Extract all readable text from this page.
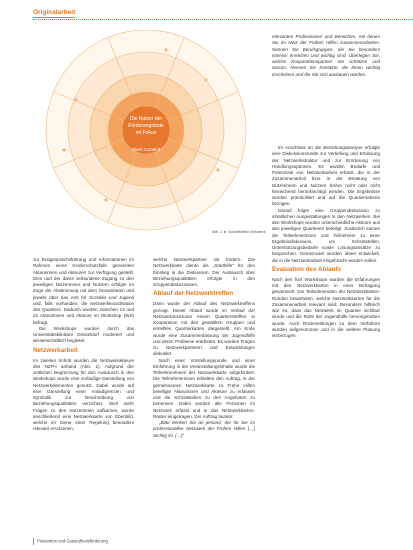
Originalarbeit
Die Nutzer der
Förderangebote
im Fokus
Stern Content
Abb. 1 ► Schnittstellen-Netzwerk

zur Erstgesprächsführung und Informationen im Rahmen eines Kinderschutzfalls genannten Akteurinnen und Akteuren zur Verfügung gestellt. Dies und der damit verbundene Zugang zu den jeweiligen Nutzerinnen und Nutzern erfolgte im Zuge der Abstimmung mit dem Gesamtteam und jeweils über das Amt für Soziales und Jugend und, falls vorhanden, die Netzwerkkoordination des Quartiers. Dadurch wurden zwischen 13 und 22 Akteurinnen und Akteure im Workshop (WS) befragt.

Die Workshops wurden durch das Universitätsklinikum Düsseldorf moderiert und wissenschaftlich begleitet.

Netzwerkarbeit

Im zweiten Schritt wurden die Netzwerkakteure des NZFH anhand (Abb. 1). Aufgrund der zeitlichen Begrenzung für den Austausch in den Workshops wurde eine vorläufige Darstellung von Netzwerkelementen genutzt. Dabei wurde auf eine Darstellung einer Anlaufgrenzen und Symbolik zur Beschreibung von Beziehungsqualitäten verzichtet. Weil mehr Fragen zu den Nutzerinnen aufkamen, wurde anschließend eine Netzwerkkarte von Ebenbild, welche im Sinne einer Regelung besonders relevant erschienen.

welche Netzwerkpartner sie fördern. Die Netzwerkkarte diente als „Starthilfe“ für den Einstieg in die Diskussion. Der Austausch über Beziehungsqualitäten erfolgte in den Gruppendiskussionen.

Ablauf der Netzwerktreffen

Dann wurde der Ablauf des Netzwerktreffens gezeigt. Dieser Ablauf wurde im Verlauf der Netzwerkstrukturen einem Quartierstreffen in Kooperation mit den gewählten Gruppen und erstellten Quartierkarten dargestellt. Am Ende wurde eine Zusammenfassung der Jugendhilfe und deren Probleme erarbeitet. Es wurden Fragen zu Netzwerkpartnern und Entwicklungen diskutiert.

Nach einer Vorstellungsrunde und einer Einführung in die Veranstaltungsinhalte wurde die Teilnehmerinnen der Netzwerkkarte aufgefordert. Die Teilnehmerinnen erhielten den Auftrag, in der gemeinsamen Netzwerkkarte zu Frühe Hilfen beteiligte Akteurinnen und Akteure zu erfassen und die Schnittstellen zu den Angeboten zu benennen. Dabei wurden alle Personen im Netzwerk erfasst und in das Netzwerkkarten-Raster eingetragen. Der Auftrag lautete:

„Bitte denken Sie an jemand, der für Sie im professionellen Netzwerk der Frühen Hilfen […] wichtig ist. […]“

relevanten Professionen und Bereichen, mit denen Sie im Netz der Frühen Hilfen zusammenarbeiten. Nennen Sie Berufsgruppen, die Sie besonders intensiv erreichen und wichtig sind. Überlegen Sie, welche Kooperationspartner Sie schätzen und warum. Nennen Sie Kontakte, die Ihnen wichtig erscheinen und die Sie sich ausbauen würden.

Im Anschluss an die Beziehungsanalyse erfolgte eine Diskussionsrunde zur Vertiefung und Erfassung der Netzwerkstruktur und zur Erörterung von Handlungsoptionen. Es wurden Bedarfe und Potenziale von Netzwerkarbeit erfasst, die in der Zusammenarbeit bzw. in der Beratung von Nutzerinnen und Nutzern bisher nicht oder nicht hinreichend berücksichtigt werden. Die Ergebnisse wurden protokolliert und auf die Quartiersebene bezogen.

Darauf folgte eine Gruppendiskussion zu inhaltlichen Ausgestaltungen in den Netzwerken. Bei den Workshops wurden unterschiedliche Akteure aus den jeweiligen Quartieren beteiligt. Zusätzlich kamen die Teilnehmerinnen und Teilnehmer zu einer Ergebnisdiskussion, um Schnittstellen, Unterstützungsbedarfe sowie Lösungsansätze zu besprechen. Gemeinsam wurden Ideen entwickelt, die in die Netzwerkarbeit eingebracht werden sollen.

Evaluation des Ablaufs

Nach den fünf Workshops wurden die Erfahrungen mit den Netzwerkkarten in einer Befragung gesammelt. Die Teilnehmenden der Netzwerkkarten-Runden bewerteten, welche Netzwerkkarten für die Zusammenarbeit relevant sind. Besonders hilfreich war es, dass das Netzwerk im Quartier sichtbar wurde und die Rolle der Jugendhilfe hervorgehoben wurde. Auch Rückmeldungen zu dem Verfahren wurden aufgenommen und in die weitere Planung einbezogen.

Prävention und Gesundheitsförderung
